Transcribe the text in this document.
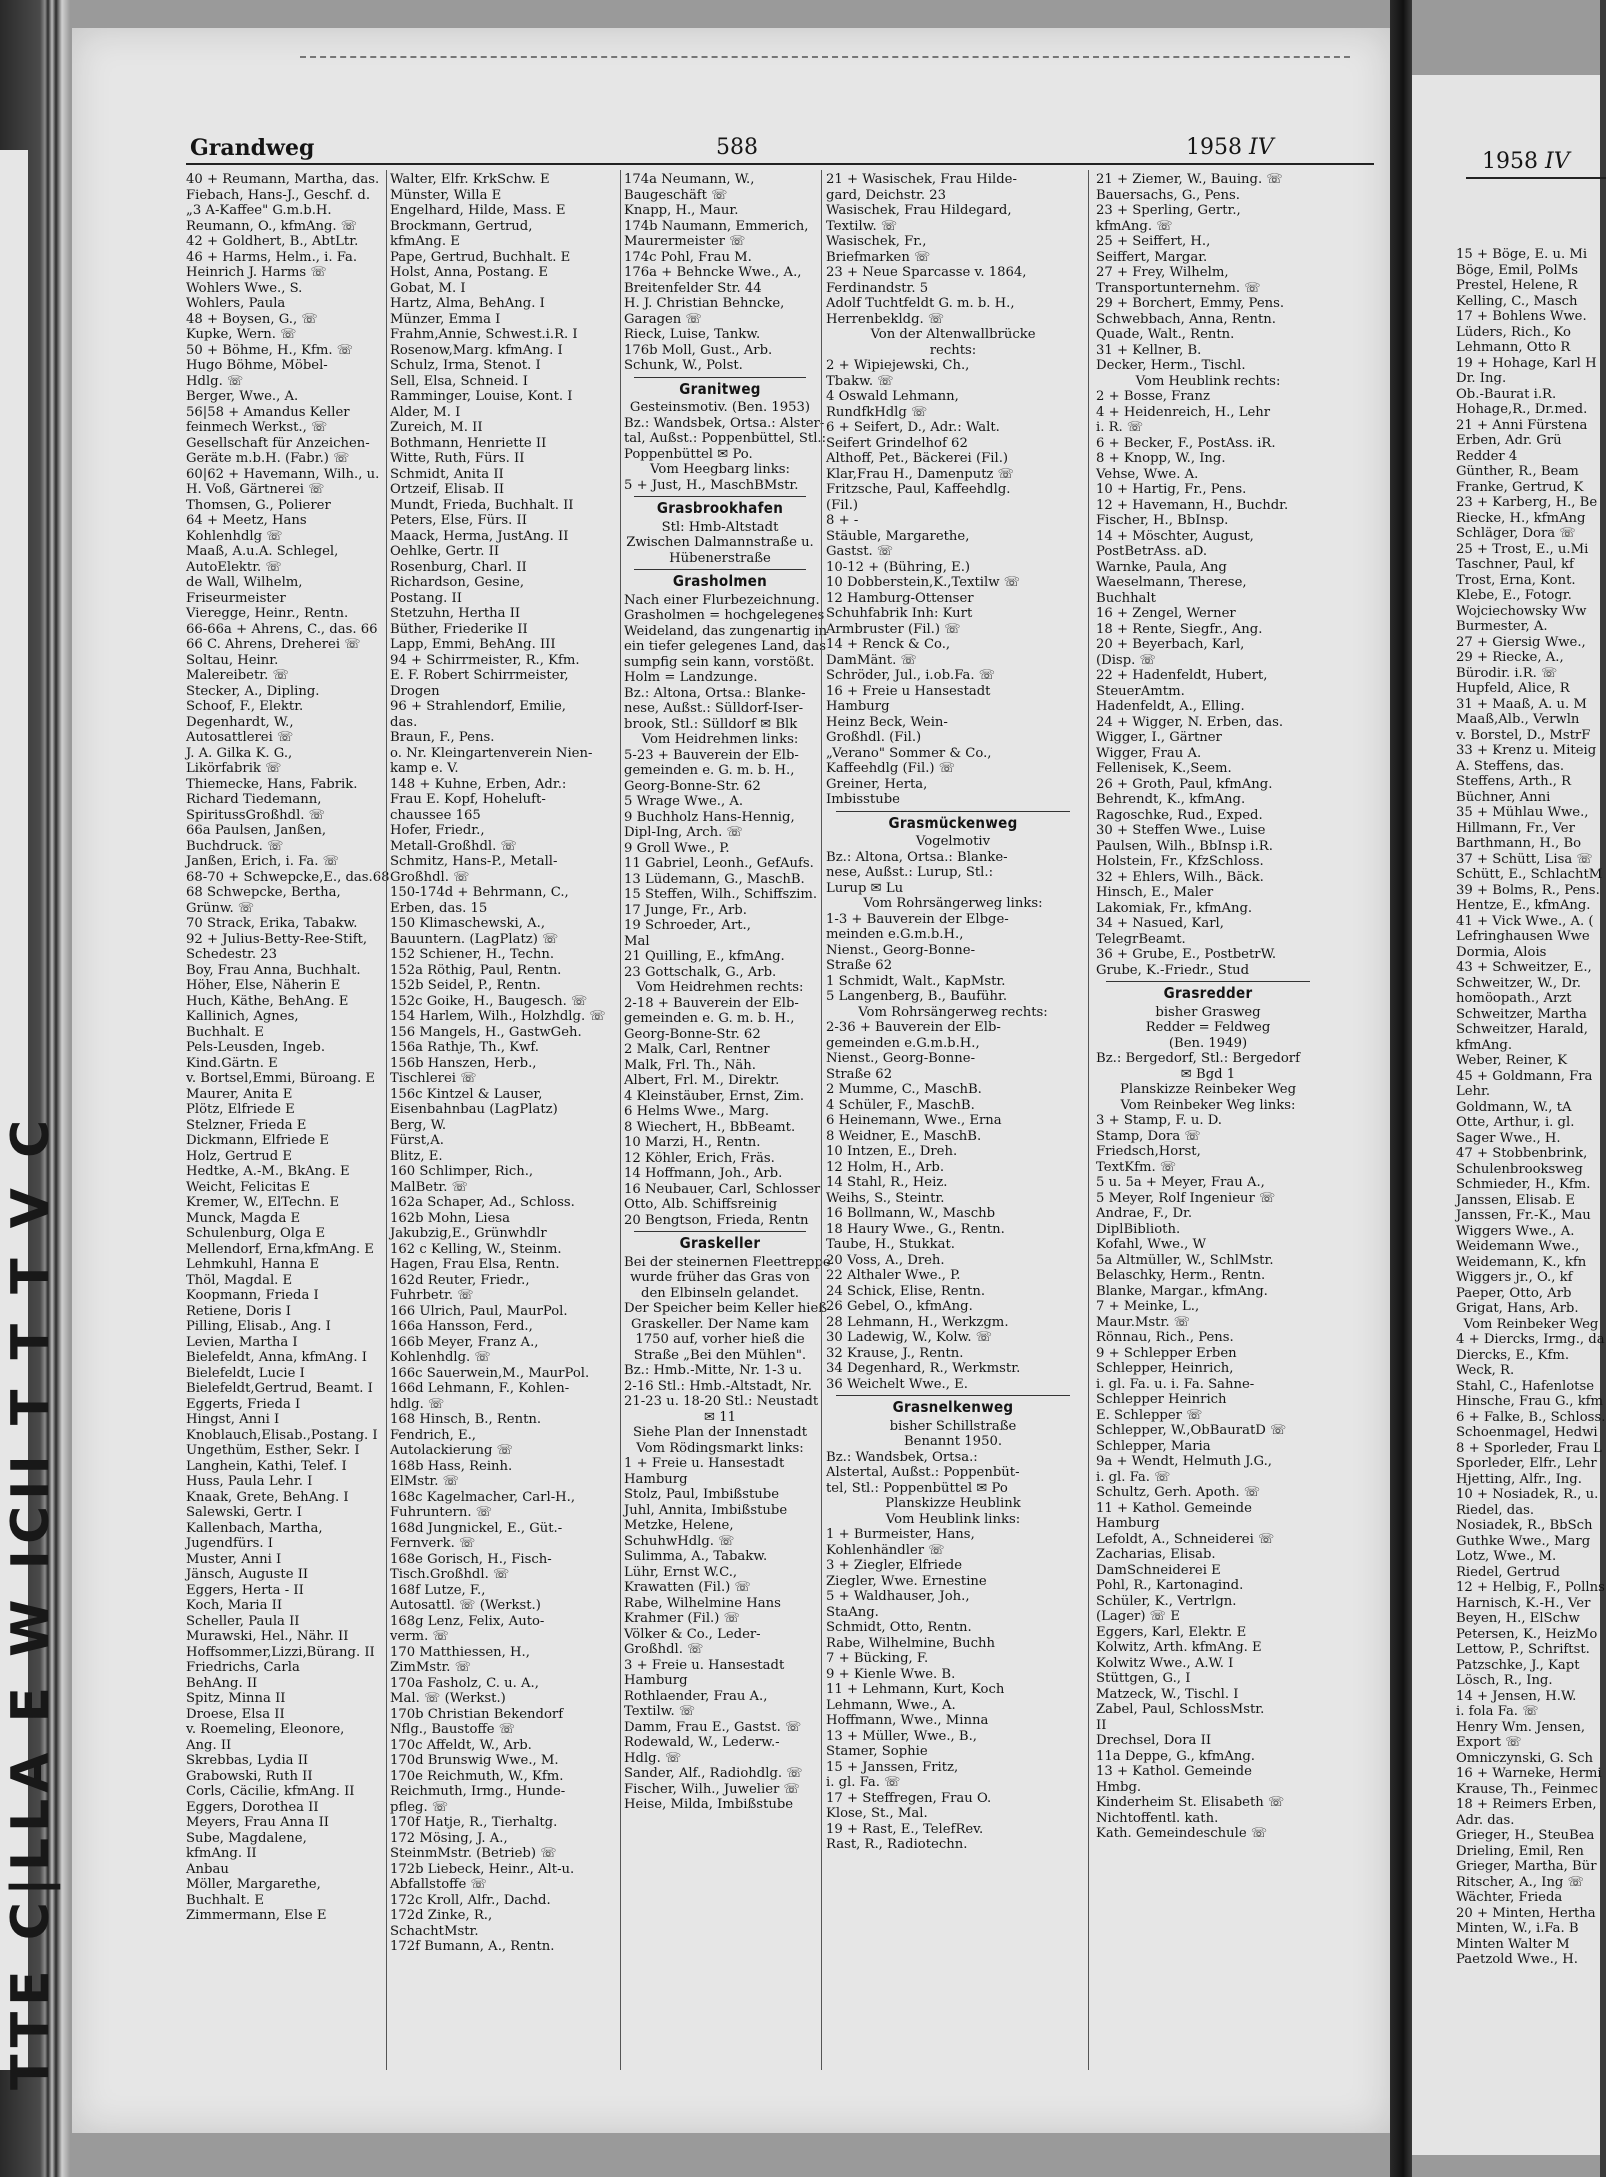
1958 IV

15 + Böge, E. u. Mi

Böge, Emil, PolMs

Prestel, Helene, R

Kelling, C., Masch

17 + Bohlens Wwe.

Lüders, Rich., Ko

Lehmann, Otto R

19 + Hohage, Karl H

Dr. Ing.

Ob.-Baurat i.R.

Hohage,R., Dr.med.

21 + Anni Fürstena

Erben, Adr. Grü

Redder 4

Günther, R., Beam

Franke, Gertrud, K

23 + Karberg, H., Be

Riecke, H., kfmAng

Schläger, Dora ☏

25 + Trost, E., u.Mi

Taschner, Paul, kf

Trost, Erna, Kont.

Klebe, E., Fotogr.

Wojciechowsky Ww

Burmester, A.

27 + Giersig Wwe.,

29 + Riecke, A.,

Bürodir. i.R. ☏

Hupfeld, Alice, R

31 + Maaß, A. u. M

Maaß,Alb., Verwln

v. Borstel, D., MstrF

33 + Krenz u. Miteig

A. Steffens, das.

Steffens, Arth., R

Büchner, Anni

35 + Mühlau Wwe.,

Hillmann, Fr., Ver

Barthmann, H., Bo

37 + Schütt, Lisa ☏

Schütt, E., SchlachtM

39 + Bolms, R., Pens.

Hentze, E., kfmAng.

41 + Vick Wwe., A. (

Lefringhausen Wwe

Dormia, Alois

43 + Schweitzer, E.,

Schweitzer, W., Dr.

homöopath., Arzt

Schweitzer, Martha

Schweitzer, Harald,

kfmAng.

Weber, Reiner, K

45 + Goldmann, Fra

Lehr.

Goldmann, W., tA

Otte, Arthur, i. gl.

Sager Wwe., H.

47 + Stobbenbrink,

Schulenbrooksweg

Schmieder, H., Kfm.

Janssen, Elisab. E

Janssen, Fr.-K., Mau

Wiggers Wwe., A.

Weidemann Wwe.,

Weidemann, K., kfn

Wiggers jr., O., kf

Paeper, Otto, Arb

Grigat, Hans, Arb.

Vom Reinbeker Weg

4 + Diercks, Irmg., da

Diercks, E., Kfm.

Weck, R.

Stahl, C., Hafenlotse

Hinsche, Frau G., kfm

6 + Falke, B., Schloss.

Schoenmagel, Hedwi

8 + Sporleder, Frau L

Sporleder, Elfr., Lehr

Hjetting, Alfr., Ing.

10 + Nosiadek, R., u.

Riedel, das.

Nosiadek, R., BbSch

Guthke Wwe., Marg

Lotz, Wwe., M.

Riedel, Gertrud

12 + Helbig, F., Pollns

Harnisch, K.-H., Ver

Beyen, H., ElSchw

Petersen, K., HeizMo

Lettow, P., Schriftst.

Patzschke, J., Kapt

Lösch, R., Ing.

14 + Jensen, H.W.

i. fola Fa. ☏

Henry Wm. Jensen,

Export ☏

Omniczynski, G. Sch

16 + Warneke, Hermi

Krause, Th., Feinmec

18 + Reimers Erben,

Adr. das.

Grieger, H., SteuBea

Drieling, Emil, Ren

Grieger, Martha, Bür

Ritscher, A., Ing ☏

Wächter, Frieda

20 + Minten, Hertha

Minten, W., i.Fa. B

Minten Walter M

Paetzold Wwe., H.

Grandweg	588	1958 IV

40 + Reumann, Martha, das.

Fiebach, Hans-J., Geschf. d.

„3 A-Kaffee" G.m.b.H.

Reumann, O., kfmAng. ☏

42 + Goldhert, B., AbtLtr.

46 + Harms, Helm., i. Fa.

Heinrich J. Harms ☏

Wohlers Wwe., S.

Wohlers, Paula

48 + Boysen, G., ☏

Kupke, Wern. ☏

50 + Böhme, H., Kfm. ☏

Hugo Böhme, Möbel-

Hdlg. ☏

Berger, Wwe., A.

56|58 + Amandus Keller

feinmech Werkst., ☏

Gesellschaft für Anzeichen-

Geräte m.b.H. (Fabr.) ☏

60|62 + Havemann, Wilh., u.

H. Voß, Gärtnerei ☏

Thomsen, G., Polierer

64 + Meetz, Hans

Kohlenhdlg ☏

Maaß, A.u.A. Schlegel,

AutoElektr. ☏

de Wall, Wilhelm,

Friseurmeister

Vieregge, Heinr., Rentn.

66-66a + Ahrens, C., das. 66

66 C. Ahrens, Dreherei ☏

Soltau, Heinr.

Malereibetr. ☏

Stecker, A., Dipling.

Schoof, F., Elektr.

Degenhardt, W.,

Autosattlerei ☏

J. A. Gilka K. G.,

Likörfabrik ☏

Thiemecke, Hans, Fabrik.

Richard Tiedemann,

SpiritussGroßhdl. ☏

66a Paulsen, Janßen,

Buchdruck. ☏

Janßen, Erich, i. Fa. ☏

68-70 + Schwepcke,E., das.68

68 Schwepcke, Bertha,

Grünw. ☏

70 Strack, Erika, Tabakw.

92 + Julius-Betty-Ree-Stift,

Schedestr. 23

Boy, Frau Anna, Buchhalt.

Höher, Else, Näherin E

Huch, Käthe, BehAng. E

Kallinich, Agnes,

Buchhalt. E

Pels-Leusden, Ingeb.

Kind.Gärtn. E

v. Bortsel,Emmi, Büroang. E

Maurer, Anita E

Plötz, Elfriede E

Stelzner, Frieda E

Dickmann, Elfriede E

Holz, Gertrud E

Hedtke, A.-M., BkAng. E

Weicht, Felicitas E

Kremer, W., ElTechn. E

Munck, Magda E

Schulenburg, Olga E

Mellendorf, Erna,kfmAng. E

Lehmkuhl, Hanna E

Thöl, Magdal. E

Koopmann, Frieda I

Retiene, Doris I

Pilling, Elisab., Ang. I

Levien, Martha I

Bielefeldt, Anna, kfmAng. I

Bielefeldt, Lucie I

Bielefeldt,Gertrud, Beamt. I

Eggerts, Frieda I

Hingst, Anni I

Knoblauch,Elisab.,Postang. I

Ungethüm, Esther, Sekr. I

Langhein, Kathi, Telef. I

Huss, Paula Lehr. I

Knaak, Grete, BehAng. I

Salewski, Gertr. I

Kallenbach, Martha,

Jugendfürs. I

Muster, Anni I

Jänsch, Auguste II

Eggers, Herta - II

Koch, Maria II

Scheller, Paula II

Murawski, Hel., Nähr. II

Hoffsommer,Lizzi,Bürang. II

Friedrichs, Carla

BehAng. II

Spitz, Minna II

Droese, Elsa II

v. Roemeling, Eleonore,

Ang. II

Skrebbas, Lydia II

Grabowski, Ruth II

Corls, Cäcilie, kfmAng. II

Eggers, Dorothea II

Meyers, Frau Anna II

Sube, Magdalene,

kfmAng. II

Anbau

Möller, Margarethe,

Buchhalt. E

Zimmermann, Else E

Walter, Elfr. KrkSchw. E

Münster, Willa E

Engelhard, Hilde, Mass. E

Brockmann, Gertrud,

kfmAng. E

Pape, Gertrud, Buchhalt. E

Holst, Anna, Postang. E

Gobat, M. I

Hartz, Alma, BehAng. I

Münzer, Emma I

Frahm,Annie, Schwest.i.R. I

Rosenow,Marg. kfmAng. I

Schulz, Irma, Stenot. I

Sell, Elsa, Schneid. I

Ramminger, Louise, Kont. I

Alder, M. I

Zureich, M. II

Bothmann, Henriette II

Witte, Ruth, Fürs. II

Schmidt, Anita II

Ortzeif, Elisab. II

Mundt, Frieda, Buchhalt. II

Peters, Else, Fürs. II

Maack, Herma, JustAng. II

Oehlke, Gertr. II

Rosenburg, Charl. II

Richardson, Gesine,

Postang. II

Stetzuhn, Hertha II

Büther, Friederike II

Lapp, Emmi, BehAng. III

94 + Schirrmeister, R., Kfm.

E. F. Robert Schirrmeister,

Drogen

96 + Strahlendorf, Emilie,

das.

Braun, F., Pens.

o. Nr. Kleingartenverein Nien-

kamp e. V.

148 + Kuhne, Erben, Adr.:

Frau E. Kopf, Hoheluft-

chaussee 165

Hofer, Friedr.,

Metall-Großhdl. ☏

Schmitz, Hans-P., Metall-

Großhdl. ☏

150-174d + Behrmann, C.,

Erben, das. 15

150 Klimaschewski, A.,

Bauuntern. (LagPlatz) ☏

152 Schiener, H., Techn.

152a Röthig, Paul, Rentn.

152b Seidel, P., Rentn.

152c Goike, H., Baugesch. ☏

154 Harlem, Wilh., Holzhdlg. ☏

156 Mangels, H., GastwGeh.

156a Rathje, Th., Kwf.

156b Hanszen, Herb.,

Tischlerei ☏

156c Kintzel & Lauser,

Eisenbahnbau (LagPlatz)

Berg, W.

Fürst,A.

Blitz, E.

160 Schlimper, Rich.,

MalBetr. ☏

162a Schaper, Ad., Schloss.

162b Mohn, Liesa

Jakubzig,E., Grünwhdlr

162 c Kelling, W., Steinm.

Hagen, Frau Elsa, Rentn.

162d Reuter, Friedr.,

Fuhrbetr. ☏

166 Ulrich, Paul, MaurPol.

166a Hansson, Ferd.,

166b Meyer, Franz A.,

Kohlenhdlg. ☏

166c Sauerwein,M., MaurPol.

166d Lehmann, F., Kohlen-

hdlg. ☏

168 Hinsch, B., Rentn.

Fendrich, E.,

Autolackierung ☏

168b Hass, Reinh.

ElMstr. ☏

168c Kagelmacher, Carl-H.,

Fuhruntern. ☏

168d Jungnickel, E., Güt.-

Fernverk. ☏

168e Gorisch, H., Fisch-

Tisch.Großhdl. ☏

168f Lutze, F.,

Autosattl. ☏ (Werkst.)

168g Lenz, Felix, Auto-

verm. ☏

170 Matthiessen, H.,

ZimMstr. ☏

170a Fasholz, C. u. A.,

Mal. ☏ (Werkst.)

170b Christian Bekendorf

Nflg., Baustoffe ☏

170c Affeldt, W., Arb.

170d Brunswig Wwe., M.

170e Reichmuth, W., Kfm.

Reichmuth, Irmg., Hunde-

pfleg. ☏

170f Hatje, R., Tierhaltg.

172 Mösing, J. A.,

SteinmMstr. (Betrieb) ☏

172b Liebeck, Heinr., Alt-u.

Abfallstoffe ☏

172c Kroll, Alfr., Dachd.

172d Zinke, R.,

SchachtMstr.

172f Bumann, A., Rentn.

174a Neumann, W.,

Baugeschäft ☏

Knapp, H., Maur.

174b Naumann, Emmerich,

Maurermeister ☏

174c Pohl, Frau M.

176a + Behncke Wwe., A.,

Breitenfelder Str. 44

H. J. Christian Behncke,

Garagen ☏

Rieck, Luise, Tankw.

176b Moll, Gust., Arb.

Schunk, W., Polst.

Granitweg

Gesteinsmotiv. (Ben. 1953)

Bz.: Wandsbek, Ortsa.: Alster-

tal, Außst.: Poppenbüttel, Stl.:

Poppenbüttel ✉ Po.

Vom Heegbarg links:

5 + Just, H., MaschBMstr.

Grasbrookhafen

Stl: Hmb-Altstadt

Zwischen Dalmannstraße u.

Hübenerstraße

Grasholmen

Nach einer Flurbezeichnung.

Grasholmen = hochgelegenes

Weideland, das zungenartig in

ein tiefer gelegenes Land, das

sumpfig sein kann, vorstößt.

Holm = Landzunge.

Bz.: Altona, Ortsa.: Blanke-

nese, Außst.: Sülldorf-Iser-

brook, Stl.: Sülldorf ✉ Blk

Vom Heidrehmen links:

5-23 + Bauverein der Elb-

gemeinden e. G. m. b. H.,

Georg-Bonne-Str. 62

5 Wrage Wwe., A.

9 Buchholz Hans-Hennig,

Dipl-Ing, Arch. ☏

9 Groll Wwe., P.

11 Gabriel, Leonh., GefAufs.

13 Lüdemann, G., MaschB.

15 Steffen, Wilh., Schiffszim.

17 Junge, Fr., Arb.

19 Schroeder, Art.,

Mal

21 Quilling, E., kfmAng.

23 Gottschalk, G., Arb.

Vom Heidrehmen rechts:

2-18 + Bauverein der Elb-

gemeinden e. G. m. b. H.,

Georg-Bonne-Str. 62

2 Malk, Carl, Rentner

Malk, Frl. Th., Näh.

Albert, Frl. M., Direktr.

4 Kleinstäuber, Ernst, Zim.

6 Helms Wwe., Marg.

8 Wiechert, H., BbBeamt.

10 Marzi, H., Rentn.

12 Köhler, Erich, Fräs.

14 Hoffmann, Joh., Arb.

16 Neubauer, Carl, Schlosser

Otto, Alb. Schiffsreinig

20 Bengtson, Frieda, Rentn

Graskeller

Bei der steinernen Fleettreppe

wurde früher das Gras von

den Elbinseln gelandet.

Der Speicher beim Keller hieß

Graskeller. Der Name kam

1750 auf, vorher hieß die

Straße „Bei den Mühlen".

Bz.: Hmb.-Mitte, Nr. 1-3 u.

2-16 Stl.: Hmb.-Altstadt, Nr.

21-23 u. 18-20 Stl.: Neustadt

✉ 11

Siehe Plan der Innenstadt

Vom Rödingsmarkt links:

1 + Freie u. Hansestadt

Hamburg

Stolz, Paul, Imbißstube

Juhl, Annita, Imbißstube

Metzke, Helene,

SchuhwHdlg. ☏

Sulimma, A., Tabakw.

Lühr, Ernst W.C.,

Krawatten (Fil.) ☏

Rabe, Wilhelmine Hans

Krahmer (Fil.) ☏

Völker & Co., Leder-

Großhdl. ☏

3 + Freie u. Hansestadt

Hamburg

Rothlaender, Frau A.,

Textilw. ☏

Damm, Frau E., Gastst. ☏

Rodewald, W., Lederw.-

Hdlg. ☏

Sander, Alf., Radiohdlg. ☏

Fischer, Wilh., Juwelier ☏

Heise, Milda, Imbißstube

21 + Wasischek, Frau Hilde-

gard, Deichstr. 23

Wasischek, Frau Hildegard,

Textilw. ☏

Wasischek, Fr.,

Briefmarken ☏

23 + Neue Sparcasse v. 1864,

Ferdinandstr. 5

Adolf Tuchtfeldt G. m. b. H.,

Herrenbekldg. ☏

Von der Altenwallbrücke

rechts:

2 + Wipiejewski, Ch.,

Tbakw. ☏

4 Oswald Lehmann,

RundfkHdlg ☏

6 + Seifert, D., Adr.: Walt.

Seifert Grindelhof 62

Althoff, Pet., Bäckerei (Fil.)

Klar,Frau H., Damenputz ☏

Fritzsche, Paul, Kaffeehdlg.

(Fil.)

8 + -

Stäuble, Margarethe,

Gastst. ☏

10-12 + (Bühring, E.)

10 Dobberstein,K.,Textilw ☏

12 Hamburg-Ottenser

Schuhfabrik Inh: Kurt

Armbruster (Fil.) ☏

14 + Renck & Co.,

DamMänt. ☏

Schröder, Jul., i.ob.Fa. ☏

16 + Freie u Hansestadt

Hamburg

Heinz Beck, Wein-

Großhdl. (Fil.)

„Verano" Sommer & Co.,

Kaffeehdlg (Fil.) ☏

Greiner, Herta,

Imbisstube

Grasmückenweg

Vogelmotiv

Bz.: Altona, Ortsa.: Blanke-

nese, Außst.: Lurup, Stl.:

Lurup ✉ Lu

Vom Rohrsängerweg links:

1-3 + Bauverein der Elbge-

meinden e.G.m.b.H.,

Nienst., Georg-Bonne-

Straße 62

1 Schmidt, Walt., KapMstr.

5 Langenberg, B., Bauführ.

Vom Rohrsängerweg rechts:

2-36 + Bauverein der Elb-

gemeinden e.G.m.b.H.,

Nienst., Georg-Bonne-

Straße 62

2 Mumme, C., MaschB.

4 Schüler, F., MaschB.

6 Heinemann, Wwe., Erna

8 Weidner, E., MaschB.

10 Intzen, E., Dreh.

12 Holm, H., Arb.

14 Stahl, R., Heiz.

Weihs, S., Steintr.

16 Bollmann, W., Maschb

18 Haury Wwe., G., Rentn.

Taube, H., Stukkat.

20 Voss, A., Dreh.

22 Althaler Wwe., P.

24 Schick, Elise, Rentn.

26 Gebel, O., kfmAng.

28 Lehmann, H., Werkzgm.

30 Ladewig, W., Kolw. ☏

32 Krause, J., Rentn.

34 Degenhard, R., Werkmstr.

36 Weichelt Wwe., E.

Grasnelkenweg

bisher Schillstraße

Benannt 1950.

Bz.: Wandsbek, Ortsa.:

Alstertal, Außst.: Poppenbüt-

tel, Stl.: Poppenbüttel ✉ Po

Planskizze Heublink

Vom Heublink links:

1 + Burmeister, Hans,

Kohlenhändler ☏

3 + Ziegler, Elfriede

Ziegler, Wwe. Ernestine

5 + Waldhauser, Joh.,

StaAng.

Schmidt, Otto, Rentn.

Rabe, Wilhelmine, Buchh

7 + Bücking, F.

9 + Kienle Wwe. B.

11 + Lehmann, Kurt, Koch

Lehmann, Wwe., A.

Hoffmann, Wwe., Minna

13 + Müller, Wwe., B.,

Stamer, Sophie

15 + Janssen, Fritz,

i. gl. Fa. ☏

17 + Steffregen, Frau O.

Klose, St., Mal.

19 + Rast, E., TelefRev.

Rast, R., Radiotechn.

21 + Ziemer, W., Bauing. ☏

Bauersachs, G., Pens.

23 + Sperling, Gertr.,

kfmAng. ☏

25 + Seiffert, H.,

Seiffert, Margar.

27 + Frey, Wilhelm,

Transportunternehm. ☏

29 + Borchert, Emmy, Pens.

Schwebbach, Anna, Rentn.

Quade, Walt., Rentn.

31 + Kellner, B.

Decker, Herm., Tischl.

Vom Heublink rechts:

2 + Bosse, Franz

4 + Heidenreich, H., Lehr

i. R. ☏

6 + Becker, F., PostAss. iR.

8 + Knopp, W., Ing.

Vehse, Wwe. A.

10 + Hartig, Fr., Pens.

12 + Havemann, H., Buchdr.

Fischer, H., BbInsp.

14 + Möschter, August,

PostBetrAss. aD.

Warnke, Paula, Ang

Waeselmann, Therese,

Buchhalt

16 + Zengel, Werner

18 + Rente, Siegfr., Ang.

20 + Beyerbach, Karl,

(Disp. ☏

22 + Hadenfeldt, Hubert,

SteuerAmtm.

Hadenfeldt, A., Elling.

24 + Wigger, N. Erben, das.

Wigger, I., Gärtner

Wigger, Frau A.

Fellenisek, K.,Seem.

26 + Groth, Paul, kfmAng.

Behrendt, K., kfmAng.

Ragoschke, Rud., Exped.

30 + Steffen Wwe., Luise

Paulsen, Wilh., BbInsp i.R.

Holstein, Fr., KfzSchloss.

32 + Ehlers, Wilh., Bäck.

Hinsch, E., Maler

Lakomiak, Fr., kfmAng.

34 + Nasued, Karl,

TelegrBeamt.

36 + Grube, E., PostbetrW.

Grube, K.-Friedr., Stud

Grasredder

bisher Grasweg

Redder = Feldweg

(Ben. 1949)

Bz.: Bergedorf, Stl.: Bergedorf

✉ Bgd 1

Planskizze Reinbeker Weg

Vom Reinbeker Weg links:

3 + Stamp, F. u. D.

Stamp, Dora ☏

Friedsch,Horst,

TextKfm. ☏

5 u. 5a + Meyer, Frau A.,

5 Meyer, Rolf Ingenieur ☏

Andrae, F., Dr.

DiplBiblioth.

Kofahl, Wwe., W

5a Altmüller, W., SchlMstr.

Belaschky, Herm., Rentn.

Blanke, Margar., kfmAng.

7 + Meinke, L.,

Maur.Mstr. ☏

Rönnau, Rich., Pens.

9 + Schlepper Erben

Schlepper, Heinrich,

i. gl. Fa. u. i. Fa. Sahne-

Schlepper Heinrich

E. Schlepper ☏

Schlepper, W.,ObBauratD ☏

Schlepper, Maria

9a + Wendt, Helmuth J.G.,

i. gl. Fa. ☏

Schultz, Gerh. Apoth. ☏

11 + Kathol. Gemeinde

Hamburg

Lefoldt, A., Schneiderei ☏

Zacharias, Elisab.

DamSchneiderei E

Pohl, R., Kartonagind.

Schüler, K., Vertrlgn.

(Lager) ☏ E

Eggers, Karl, Elektr. E

Kolwitz, Arth. kfmAng. E

Kolwitz Wwe., A.W. I

Stüttgen, G., I

Matzeck, W., Tischl. I

Zabel, Paul, SchlossMstr.

II

Drechsel, Dora II

11a Deppe, G., kfmAng.

13 + Kathol. Gemeinde

Hmbg.

Kinderheim St. Elisabeth ☏

Nichtoffentl. kath.

Kath. Gemeindeschule ☏
